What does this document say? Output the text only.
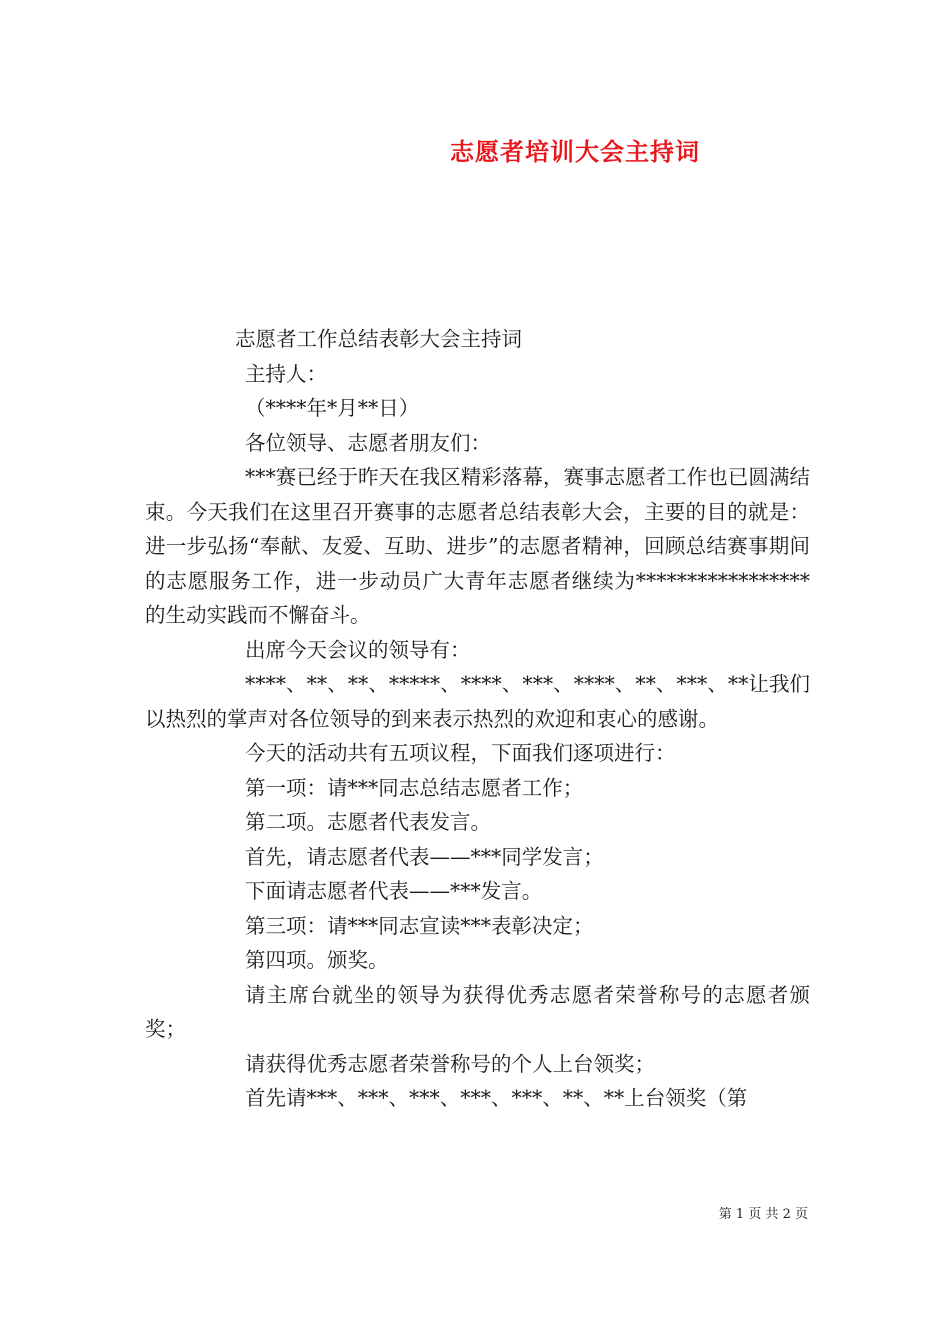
志愿者培训大会主持词
志愿者工作总结表彰大会主持词
主持人：
（****年*月**日）
各位领导、志愿者朋友们：
***赛已经于昨天在我区精彩落幕，赛事志愿者工作也已圆满结束。今天我们在这里召开赛事的志愿者总结表彰大会，主要的目的就是：进一步弘扬“奉献、友爱、互助、进步”的志愿者精神，回顾总结赛事期间的志愿服务工作，进一步动员广大青年志愿者继续为*****************的生动实践而不懈奋斗。
出席今天会议的领导有：
****、**、**、*****、****、***、****、**、***、**让我们以热烈的掌声对各位领导的到来表示热烈的欢迎和衷心的感谢。
今天的活动共有五项议程，下面我们逐项进行：
第一项：请***同志总结志愿者工作；
第二项。志愿者代表发言。
首先，请志愿者代表——***同学发言；
下面请志愿者代表——***发言。
第三项：请***同志宣读***表彰决定；
第四项。颁奖。
请主席台就坐的领导为获得优秀志愿者荣誉称号的志愿者颁奖；
请获得优秀志愿者荣誉称号的个人上台领奖；
首先请***、***、***、***、***、**、**上台领奖（第
第 1 页 共 2 页
